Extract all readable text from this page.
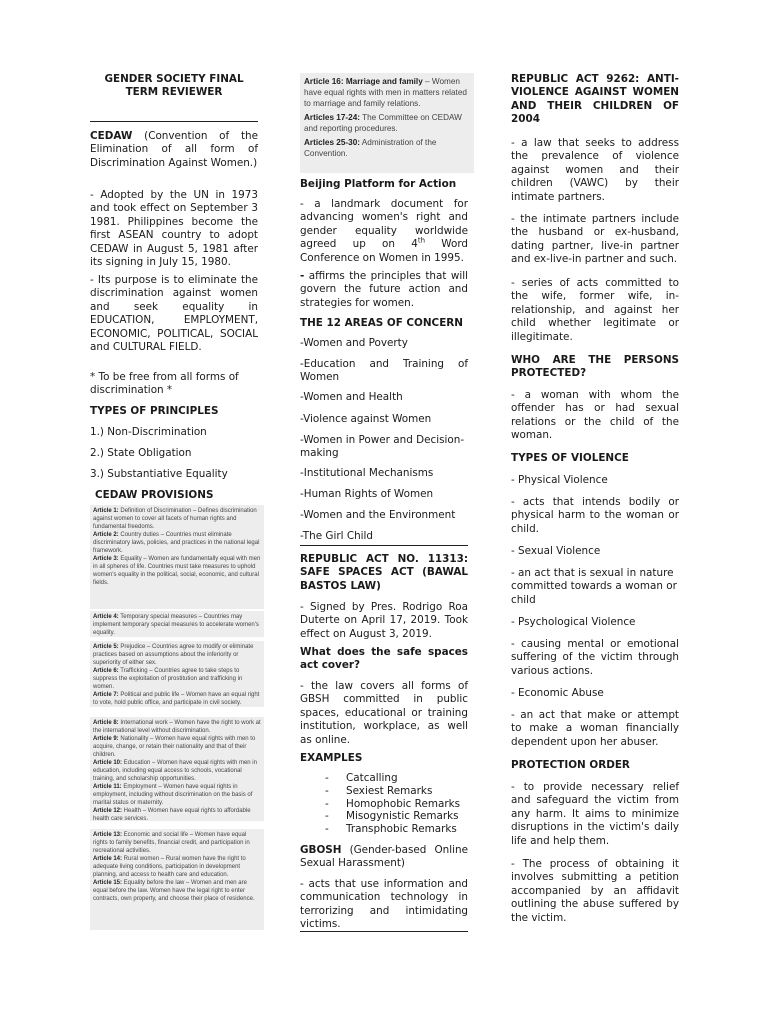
GENDER SOCIETY FINAL
TERM REVIEWER

CEDAW (Convention of the Elimination of all form of Discrimination Against Women.)

- Adopted by the UN in 1973 and took effect on September 3 1981. Philippines become the first ASEAN country to adopt CEDAW in August 5, 1981 after its signing in July 15, 1980.

- Its purpose is to eliminate the discrimination against women and seek equality in EDUCATION, EMPLOYMENT, ECONOMIC, POLITICAL, SOCIAL and CULTURAL FIELD.

* To be free from all forms of discrimination *

TYPES OF PRINCIPLES

1.) Non-Discrimination

2.) State Obligation

3.) Substantiative Equality

CEDAW PROVISIONS

Article 1: Definition of Discrimination – Defines discrimination against women to cover all facets of human rights and fundamental freedoms.
Article 2: Country duties – Countries must eliminate discriminatory laws, policies, and practices in the national legal framework.
Article 3: Equality – Women are fundamentally equal with men in all spheres of life. Countries must take measures to uphold women's equality in the political, social, economic, and cultural fields.
Article 4: Temporary special measures – Countries may implement temporary special measures to accelerate women's equality.
Article 5: Prejudice – Countries agree to modify or eliminate practices based on assumptions about the inferiority or superiority of either sex.
Article 6: Trafficking – Countries agree to take steps to suppress the exploitation of prostitution and trafficking in women.
Article 7: Political and public life – Women have an equal right to vote, hold public office, and participate in civil society.
Article 8: International work – Women have the right to work at the international level without discrimination.
Article 9: Nationality – Women have equal rights with men to acquire, change, or retain their nationality and that of their children.
Article 10: Education – Women have equal rights with men in education, including equal access to schools, vocational training, and scholarship opportunities.
Article 11: Employment – Women have equal rights in employment, including without discrimination on the basis of marital status or maternity.
Article 12: Health – Women have equal rights to affordable health care services.
Article 13: Economic and social life – Women have equal rights to family benefits, financial credit, and participation in recreational activities.
Article 14: Rural women – Rural women have the right to adequate living conditions, participation in development planning, and access to health care and education.
Article 15: Equality before the law – Women and men are equal before the law. Women have the legal right to enter contracts, own property, and choose their place of residence.
Article 16: Marriage and family – Women have equal rights with men in matters related to marriage and family relations.
Articles 17-24: The Committee on CEDAW and reporting procedures.
Articles 25-30: Administration of the Convention.

Beijing Platform for Action

- a landmark document for advancing women's right and gender equality worldwide agreed up on 4th Word Conference on Women in 1995.

- affirms the principles that will govern the future action and strategies for women.

THE 12 AREAS OF CONCERN

-Women and Poverty

-Education and Training of Women

-Women and Health

-Violence against Women

-Women in Power and Decision-making

-Institutional Mechanisms

-Human Rights of Women

-Women and the Environment

-The Girl Child

REPUBLIC ACT NO. 11313: SAFE SPACES ACT (BAWAL BASTOS LAW)

- Signed by Pres. Rodrigo Roa Duterte on April 17, 2019. Took effect on August 3, 2019.

What does the safe spaces act cover?

- the law covers all forms of GBSH committed in public spaces, educational or training institution, workplace, as well as online.

EXAMPLES

- Catcalling
- Sexiest Remarks
- Homophobic Remarks
- Misogynistic Remarks
- Transphobic Remarks

GBOSH (Gender-based Online Sexual Harassment)

- acts that use information and communication technology in terrorizing and intimidating victims.

REPUBLIC ACT 9262: ANTI-VIOLENCE AGAINST WOMEN AND THEIR CHILDREN OF 2004

- a law that seeks to address the prevalence of violence against women and their children (VAWC) by their intimate partners.

- the intimate partners include the husband or ex-husband, dating partner, live-in partner and ex-live-in partner and such.

- series of acts committed to the wife, former wife, in-relationship, and against her child whether legitimate or illegitimate.

WHO ARE THE PERSONS PROTECTED?

- a woman with whom the offender has or had sexual relations or the child of the woman.

TYPES OF VIOLENCE

- Physical Violence

- acts that intends bodily or physical harm to the woman or child.

- Sexual Violence

- an act that is sexual in nature committed towards a woman or child

- Psychological Violence

- causing mental or emotional suffering of the victim through various actions.

- Economic Abuse

- an act that make or attempt to make a woman financially dependent upon her abuser.

PROTECTION ORDER

- to provide necessary relief and safeguard the victim from any harm. It aims to minimize disruptions in the victim's daily life and help them.

- The process of obtaining it involves submitting a petition accompanied by an affidavit outlining the abuse suffered by the victim.
